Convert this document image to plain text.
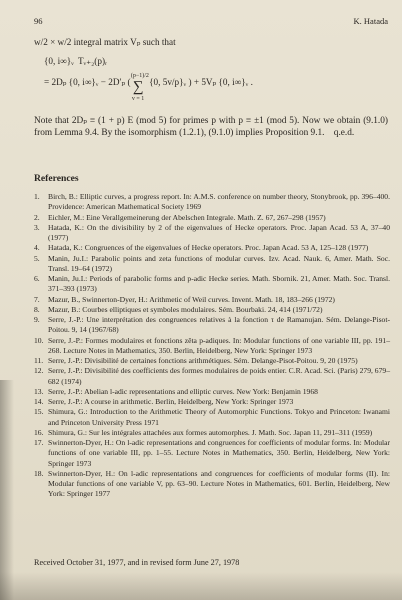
96	K. Hatada
w/2 × w/2 integral matrix Vₚ such that
{0, i∞}ᵥ  Tᵥ₊₂(p)ᵣ
= 2Dₚ {0, i∞}ᵥ − 2D′ₚ ( ∑
(p−1)/2
v = 1
{0, 5v/p}ᵥ ) + 5Vₚ {0, i∞}ᵥ .
Note that 2Dₚ ≡ (1 + p) E (mod 5) for primes p with p ≡ ±1 (mod 5). Now we obtain (9.1.0) from Lemma 9.4. By the isomorphism (1.2.1), (9.1.0) implies Proposition 9.1. q.e.d.
References
1. Birch, B.: Elliptic curves, a progress report. In: A.M.S. conference on number theory, Stonybrook, pp. 396–400. Providence: American Mathematical Society 1969
2. Eichler, M.: Eine Verallgemeinerung der Abelschen Integrale. Math. Z. 67, 267–298 (1957)
3. Hatada, K.: On the divisibility by 2 of the eigenvalues of Hecke operators. Proc. Japan Acad. 53 A, 37–40 (1977)
4. Hatada, K.: Congruences of the eigenvalues of Hecke operators. Proc. Japan Acad. 53 A, 125–128 (1977)
5. Manin, Ju.I.: Parabolic points and zeta functions of modular curves. Izv. Acad. Nauk. 6, Amer. Math. Soc. Transl. 19–64 (1972)
6. Manin, Ju.I.: Periods of parabolic forms and p-adic Hecke series. Math. Sbornik. 21, Amer. Math. Soc. Transl. 371–393 (1973)
7. Mazur, B., Swinnerton-Dyer, H.: Arithmetic of Weil curves. Invent. Math. 18, 183–266 (1972)
8. Mazur, B.: Courbes elliptiques et symboles modulaires. Sém. Bourbaki. 24, 414 (1971/72)
9. Serre, J.-P.: Une interprétation des congruences relatives à la fonction τ de Ramanujan. Sém. Delange-Pisot-Poitou. 9, 14 (1967/68)
10. Serre, J.-P.: Formes modulaires et fonctions zêta p-adiques. In: Modular functions of one variable III, pp. 191–268. Lecture Notes in Mathematics, 350. Berlin, Heidelberg, New York: Springer 1973
11. Serre, J.-P.: Divisibilité de certaines fonctions arithmétiques. Sém. Delange-Pisot-Poitou. 9, 20 (1975)
12. Serre, J.-P.: Divisibilité des coefficients des formes modulaires de poids entier. C.R. Acad. Sci. (Paris) 279, 679–682 (1974)
13. Serre, J.-P.: Abelian l-adic representations and elliptic curves. New York: Benjamin 1968
14. Serre, J.-P.: A course in arithmetic. Berlin, Heidelberg, New York: Springer 1973
15. Shimura, G.: Introduction to the Arithmetic Theory of Automorphic Functions. Tokyo and Princeton: Iwanami and Princeton University Press 1971
16. Shimura, G.: Sur les intégrales attachées aux formes automorphes. J. Math. Soc. Japan 11, 291–311 (1959)
17. Swinnerton-Dyer, H.: On l-adic representations and congruences for coefficients of modular forms. In: Modular functions of one variable III, pp. 1–55. Lecture Notes in Mathematics, 350. Berlin, Heidelberg, New York: Springer 1973
18. Swinnerton-Dyer, H.: On l-adic representations and congruences for coefficients of modular forms (II). In: Modular functions of one variable V, pp. 63–90. Lecture Notes in Mathematics, 601. Berlin, Heidelberg, New York: Springer 1977
Received October 31, 1977, and in revised form June 27, 1978
